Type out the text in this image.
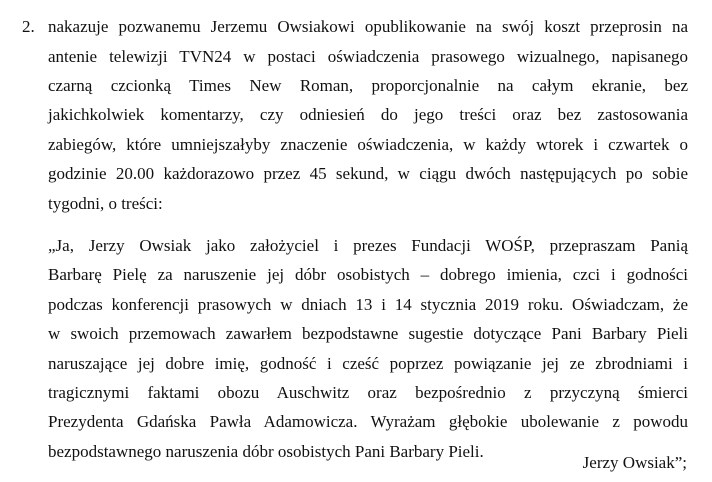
2. nakazuje pozwanemu Jerzemu Owsiakowi opublikowanie na swój koszt przeprosin na
antenie telewizji TVN24 w postaci oświadczenia prasowego wizualnego, napisanego
czarną czcionką Times New Roman, proporcjonalnie na całym ekranie, bez
jakichkolwiek komentarzy, czy odniesień do jego treści oraz bez zastosowania
zabiegów, które umniejszałyby znaczenie oświadczenia, w każdy wtorek i czwartek o
godzinie 20.00 każdorazowo przez 45 sekund, w ciągu dwóch następujących po sobie
tygodni, o treści:
„Ja, Jerzy Owsiak jako założyciel i prezes Fundacji WOŚP, przepraszam Panią
Barbarę Pielę za naruszenie jej dóbr osobistych – dobrego imienia, czci i godności
podczas konferencji prasowych w dniach 13 i 14 stycznia 2019 roku. Oświadczam, że
w swoich przemowach zawarłem bezpodstawne sugestie dotyczące Pani Barbary Pieli
naruszające jej dobre imię, godność i cześć poprzez powiązanie jej ze zbrodniami i
tragicznymi faktami obozu Auschwitz oraz bezpośrednio z przyczyną śmierci
Prezydenta Gdańska Pawła Adamowicza. Wyrażam głębokie ubolewanie z powodu
bezpodstawnego naruszenia dóbr osobistych Pani Barbary Pieli.
Jerzy Owsiak”;
